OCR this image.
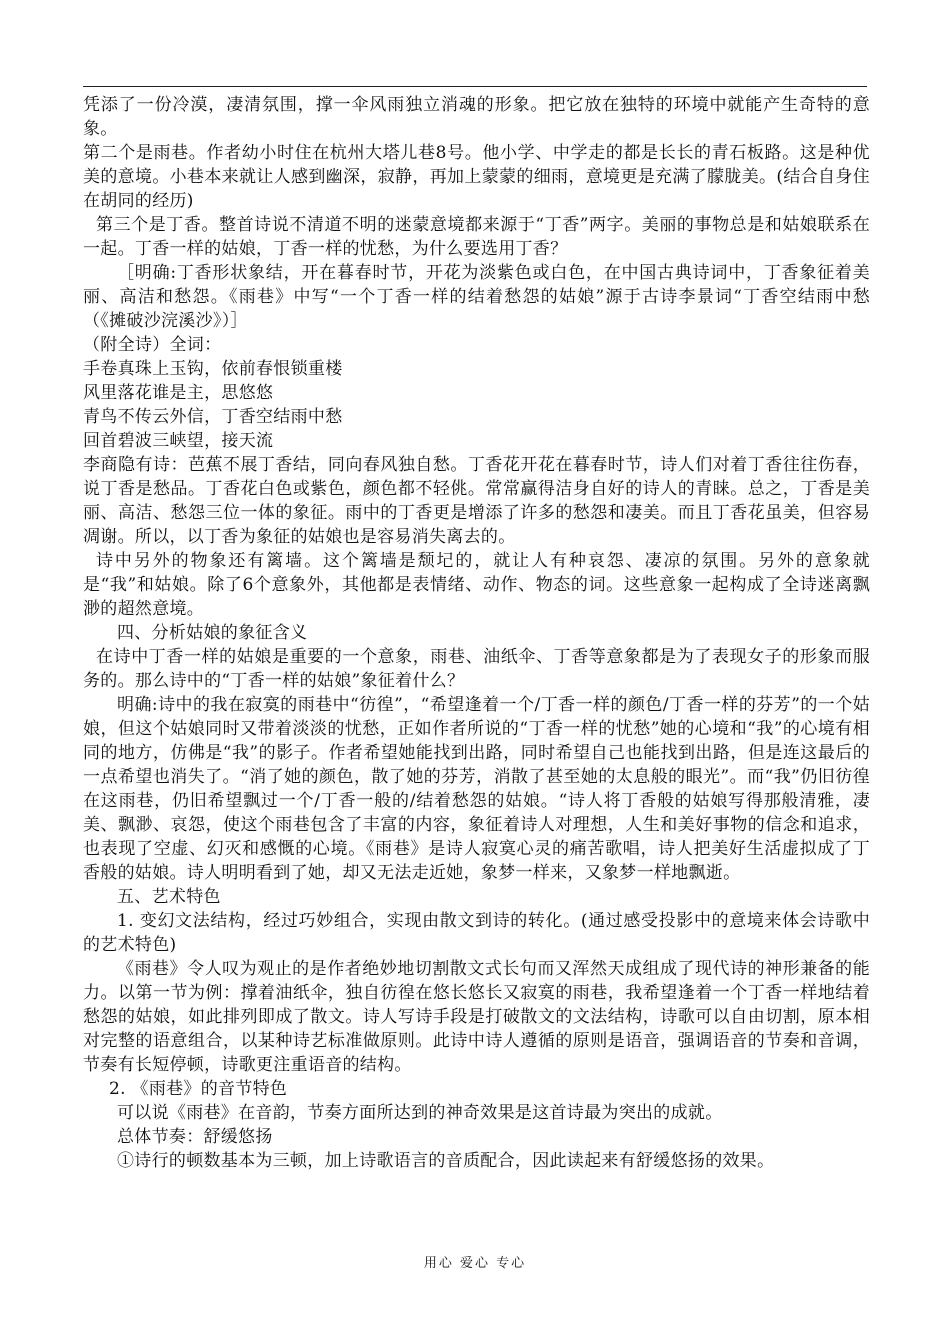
凭添了一份冷漠，凄清氛围，撑一伞风雨独立消魂的形象。把它放在独特的环境中就能产生奇特的意象。

第二个是雨巷。作者幼小时住在杭州大塔儿巷8号。他小学、中学走的都是长长的青石板路。这是种优美的意境。小巷本来就让人感到幽深，寂静，再加上蒙蒙的细雨，意境更是充满了朦胧美。(结合自身住在胡同的经历)

第三个是丁香。整首诗说不清道不明的迷蒙意境都来源于“丁香”两字。美丽的事物总是和姑娘联系在一起。丁香一样的姑娘，丁香一样的忧愁，为什么要选用丁香？

［明确:丁香形状象结，开在暮春时节，开花为淡紫色或白色，在中国古典诗词中，丁香象征着美丽、高洁和愁怨。《雨巷》中写“一个丁香一样的结着愁怨的姑娘”源于古诗李景词“丁香空结雨中愁（《摊破沙浣溪沙》）］

（附全诗）全词：

手卷真珠上玉钩，依前春恨锁重楼

风里落花谁是主，思悠悠

青鸟不传云外信，丁香空结雨中愁

回首碧波三峡望，接天流

李商隐有诗：芭蕉不展丁香结，同向春风独自愁。丁香花开花在暮春时节，诗人们对着丁香往往伤春，说丁香是愁品。丁香花白色或紫色，颜色都不轻佻。常常赢得洁身自好的诗人的青睐。总之，丁香是美丽、高洁、愁怨三位一体的象征。雨中的丁香更是增添了许多的愁怨和凄美。而且丁香花虽美，但容易凋谢。所以，以丁香为象征的姑娘也是容易消失离去的。

诗中另外的物象还有篱墙。这个篱墙是颓圮的，就让人有种哀怨、凄凉的氛围。另外的意象就是“我”和姑娘。除了6个意象外，其他都是表情绪、动作、物态的词。这些意象一起构成了全诗迷离飘渺的超然意境。

四、分析姑娘的象征含义

在诗中丁香一样的姑娘是重要的一个意象，雨巷、油纸伞、丁香等意象都是为了表现女子的形象而服务的。那么诗中的“丁香一样的姑娘”象征着什么？

明确:诗中的我在寂寞的雨巷中“彷徨”，“希望逢着一个/丁香一样的颜色/丁香一样的芬芳”的一个姑娘，但这个姑娘同时又带着淡淡的忧愁，正如作者所说的“丁香一样的忧愁”她的心境和“我”的心境有相同的地方，仿佛是“我”的影子。作者希望她能找到出路，同时希望自己也能找到出路，但是连这最后的一点希望也消失了。“消了她的颜色，散了她的芬芳，消散了甚至她的太息般的眼光”。而“我”仍旧彷徨在这雨巷，仍旧希望飘过一个/丁香一般的/结着愁怨的姑娘。“诗人将丁香般的姑娘写得那般清雅，凄美、飘渺、哀怨，使这个雨巷包含了丰富的内容，象征着诗人对理想，人生和美好事物的信念和追求，也表现了空虚、幻灭和感慨的心境。《雨巷》是诗人寂寞心灵的痛苦歌唱，诗人把美好生活虚拟成了丁香般的姑娘。诗人明明看到了她，却又无法走近她，象梦一样来，又象梦一样地飘逝。

五、艺术特色

1. 变幻文法结构，经过巧妙组合，实现由散文到诗的转化。(通过感受投影中的意境来体会诗歌中的艺术特色)

《雨巷》令人叹为观止的是作者绝妙地切割散文式长句而又浑然天成组成了现代诗的神形兼备的能力。以第一节为例：撑着油纸伞，独自彷徨在悠长悠长又寂寞的雨巷，我希望逢着一个丁香一样地结着愁怨的姑娘，如此排列即成了散文。诗人写诗手段是打破散文的文法结构，诗歌可以自由切割，原本相对完整的语意组合，以某种诗艺标准做原则。此诗中诗人遵循的原则是语音，强调语音的节奏和音调，节奏有长短停顿，诗歌更注重语音的结构。

2. 《雨巷》的音节特色

可以说《雨巷》在音韵，节奏方面所达到的神奇效果是这首诗最为突出的成就。

总体节奏：舒缓悠扬

①诗行的顿数基本为三顿，加上诗歌语言的音质配合，因此读起来有舒缓悠扬的效果。

用心 爱心 专心
